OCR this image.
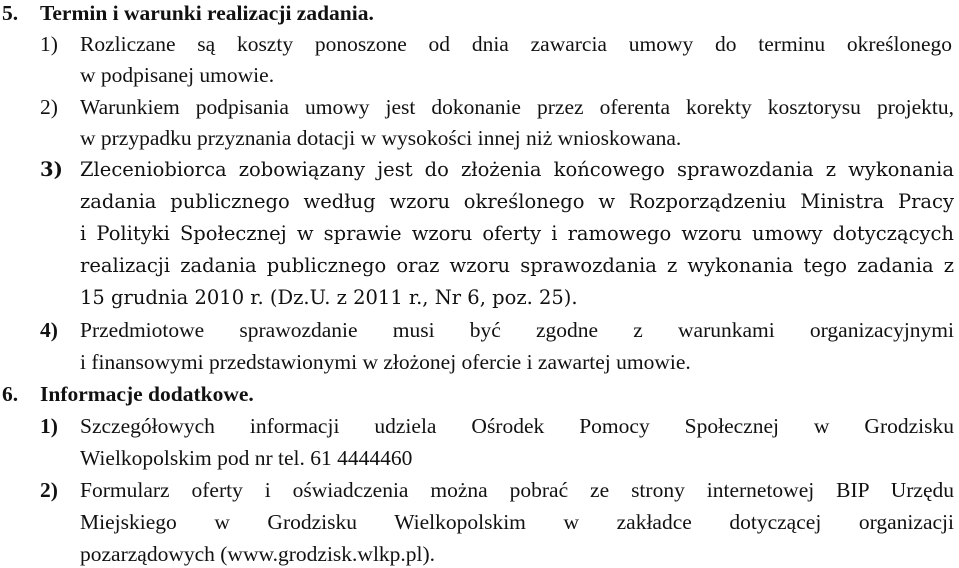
5. Termin i warunki realizacji zadania.
1) Rozliczane są koszty ponoszone od dnia zawarcia umowy do terminu określonego
w podpisanej umowie.
2) Warunkiem podpisania umowy jest dokonanie przez oferenta korekty kosztorysu projektu,
w przypadku przyznania dotacji w wysokości innej niż wnioskowana.
3) Zleceniobiorca zobowiązany jest do złożenia końcowego sprawozdania z wykonania
zadania publicznego według wzoru określonego w Rozporządzeniu Ministra Pracy
i Polityki Społecznej w sprawie wzoru oferty i ramowego wzoru umowy dotyczących
realizacji zadania publicznego oraz wzoru sprawozdania z wykonania tego zadania z
15 grudnia 2010 r. (Dz.U. z 2011 r., Nr 6, poz. 25).
4) Przedmiotowe sprawozdanie musi być zgodne z warunkami organizacyjnymi
i finansowymi przedstawionymi w złożonej ofercie i zawartej umowie.
6. Informacje dodatkowe.
1) Szczegółowych informacji udziela Ośrodek Pomocy Społecznej w Grodzisku
Wielkopolskim pod nr tel. 61 4444460
2) Formularz oferty i oświadczenia można pobrać ze strony internetowej BIP Urzędu
Miejskiego w Grodzisku Wielkopolskim w zakładce dotyczącej organizacji
pozarządowych (www.grodzisk.wlkp.pl).
